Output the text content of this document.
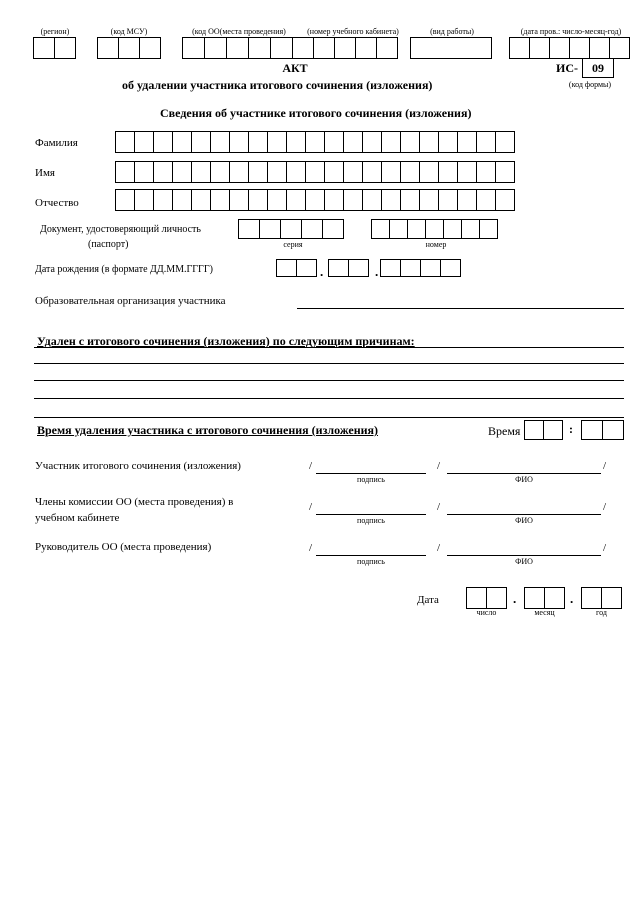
(регион)	(код МСУ)	(код ОО(места проведения)	(номер учебного кабинета)	(вид работы)	(дата пров.: число-месяц-год)
АКТ
об удалении участника итогового сочинения (изложения)
ИС-	09
(код формы)
Сведения об участнике итогового сочинения (изложения)
Фамилия
Имя
Отчество
Документ, удостоверяющий личность
(паспорт)	серия	номер
Дата рождения (в формате ДД.ММ.ГГГГ)	.	.
Образовательная организация участника
Удален с итогового сочинения (изложения) по следующим причинам:
Время удаления участника с итогового сочинения (изложения)	Время	:
Участник итогового сочинения (изложения)	/	/	/
подпись	ФИО
Члены комиссии ОО (места проведения) в
учебном кабинете
/	/	/
подпись	ФИО
Руководитель ОО (места проведения)	/	/	/
подпись	ФИО
Дата	.	.
число	месяц	год
